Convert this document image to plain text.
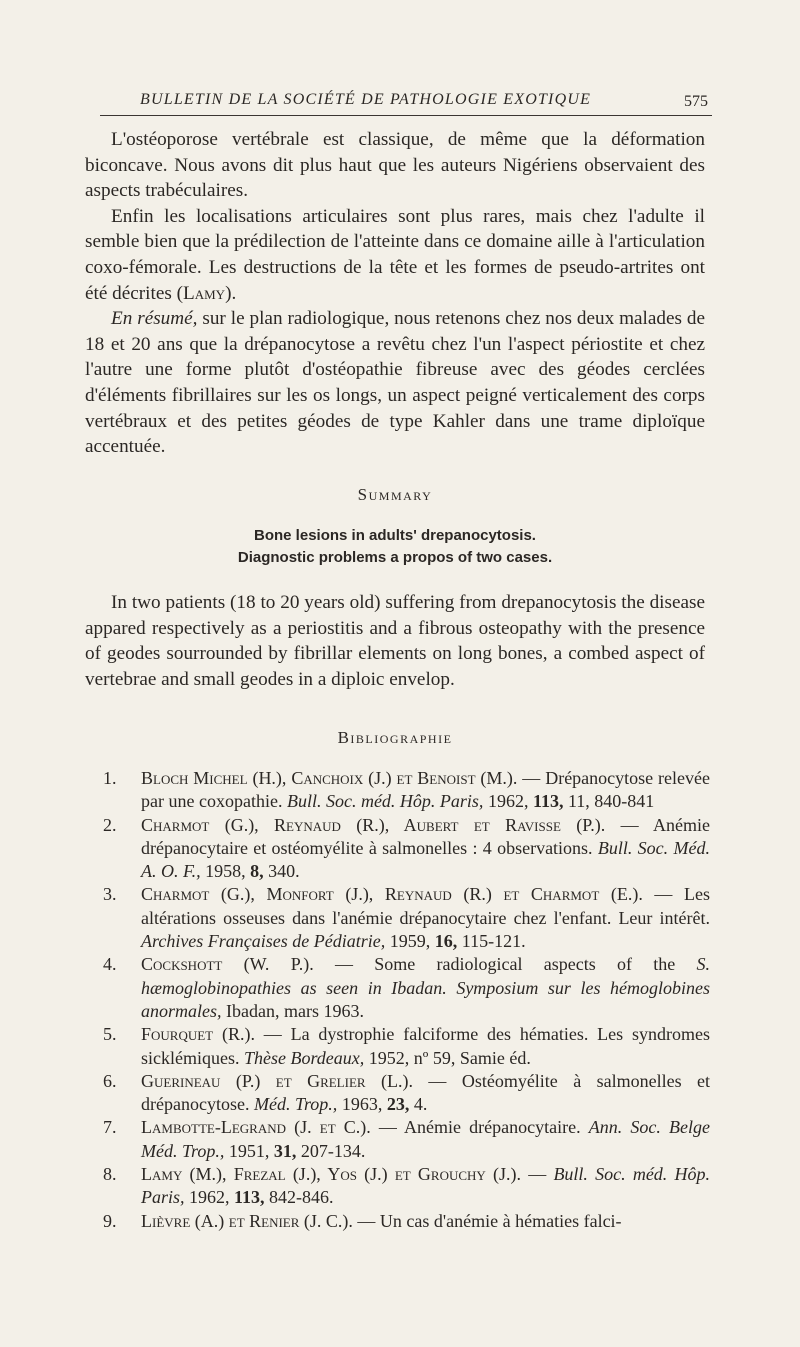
BULLETIN DE LA SOCIÉTÉ DE PATHOLOGIE EXOTIQUE	575

L'ostéoporose vertébrale est classique, de même que la déformation biconcave. Nous avons dit plus haut que les auteurs Nigériens observaient des aspects trabéculaires.

Enfin les localisations articulaires sont plus rares, mais chez l'adulte il semble bien que la prédilection de l'atteinte dans ce domaine aille à l'articulation coxo-fémorale. Les destructions de la tête et les formes de pseudo-artrites ont été décrites (Lamy).

En résumé, sur le plan radiologique, nous retenons chez nos deux malades de 18 et 20 ans que la drépanocytose a revêtu chez l'un l'aspect périostite et chez l'autre une forme plutôt d'ostéopathie fibreuse avec des géodes cerclées d'éléments fibrillaires sur les os longs, un aspect peigné verticalement des corps vertébraux et des petites géodes de type Kahler dans une trame diploïque accentuée.

Summary
Bone lesions in adults' drepanocytosis.
Diagnostic problems a propos of two cases.

In two patients (18 to 20 years old) suffering from drepanocytosis the disease appared respectively as a periostitis and a fibrous osteopathy with the presence of geodes sourrounded by fibrillar elements on long bones, a combed aspect of vertebrae and small geodes in a diploic envelop.

Bibliographie
1.	Bloch Michel (H.), Canchoix (J.) et Benoist (M.). — Drépanocytose relevée par une coxopathie. Bull. Soc. méd. Hôp. Paris, 1962, 113, 11, 840-841
2.	Charmot (G.), Reynaud (R.), Aubert et Ravisse (P.). — Anémie drépanocytaire et ostéomyélite à salmonelles : 4 observations. Bull. Soc. Méd. A. O. F., 1958, 8, 340.
3.	Charmot (G.), Monfort (J.), Reynaud (R.) et Charmot (E.). — Les altérations osseuses dans l'anémie drépanocytaire chez l'enfant. Leur intérêt. Archives Françaises de Pédiatrie, 1959, 16, 115-121.
4.	Cockshott (W. P.). — Some radiological aspects of the S. hæmoglobinopathies as seen in Ibadan. Symposium sur les hémoglobines anormales, Ibadan, mars 1963.
5.	Fourquet (R.). — La dystrophie falciforme des hématies. Les syndromes sicklémiques. Thèse Bordeaux, 1952, nº 59, Samie éd.
6.	Guerineau (P.) et Grelier (L.). — Ostéomyélite à salmonelles et drépanocytose. Méd. Trop., 1963, 23, 4.
7.	Lambotte-Legrand (J. et C.). — Anémie drépanocytaire. Ann. Soc. Belge Méd. Trop., 1951, 31, 207-134.
8.	Lamy (M.), Frezal (J.), Yos (J.) et Grouchy (J.). — Bull. Soc. méd. Hôp. Paris, 1962, 113, 842-846.
9.	Lièvre (A.) et Renier (J. C.). — Un cas d'anémie à hématies falci-
